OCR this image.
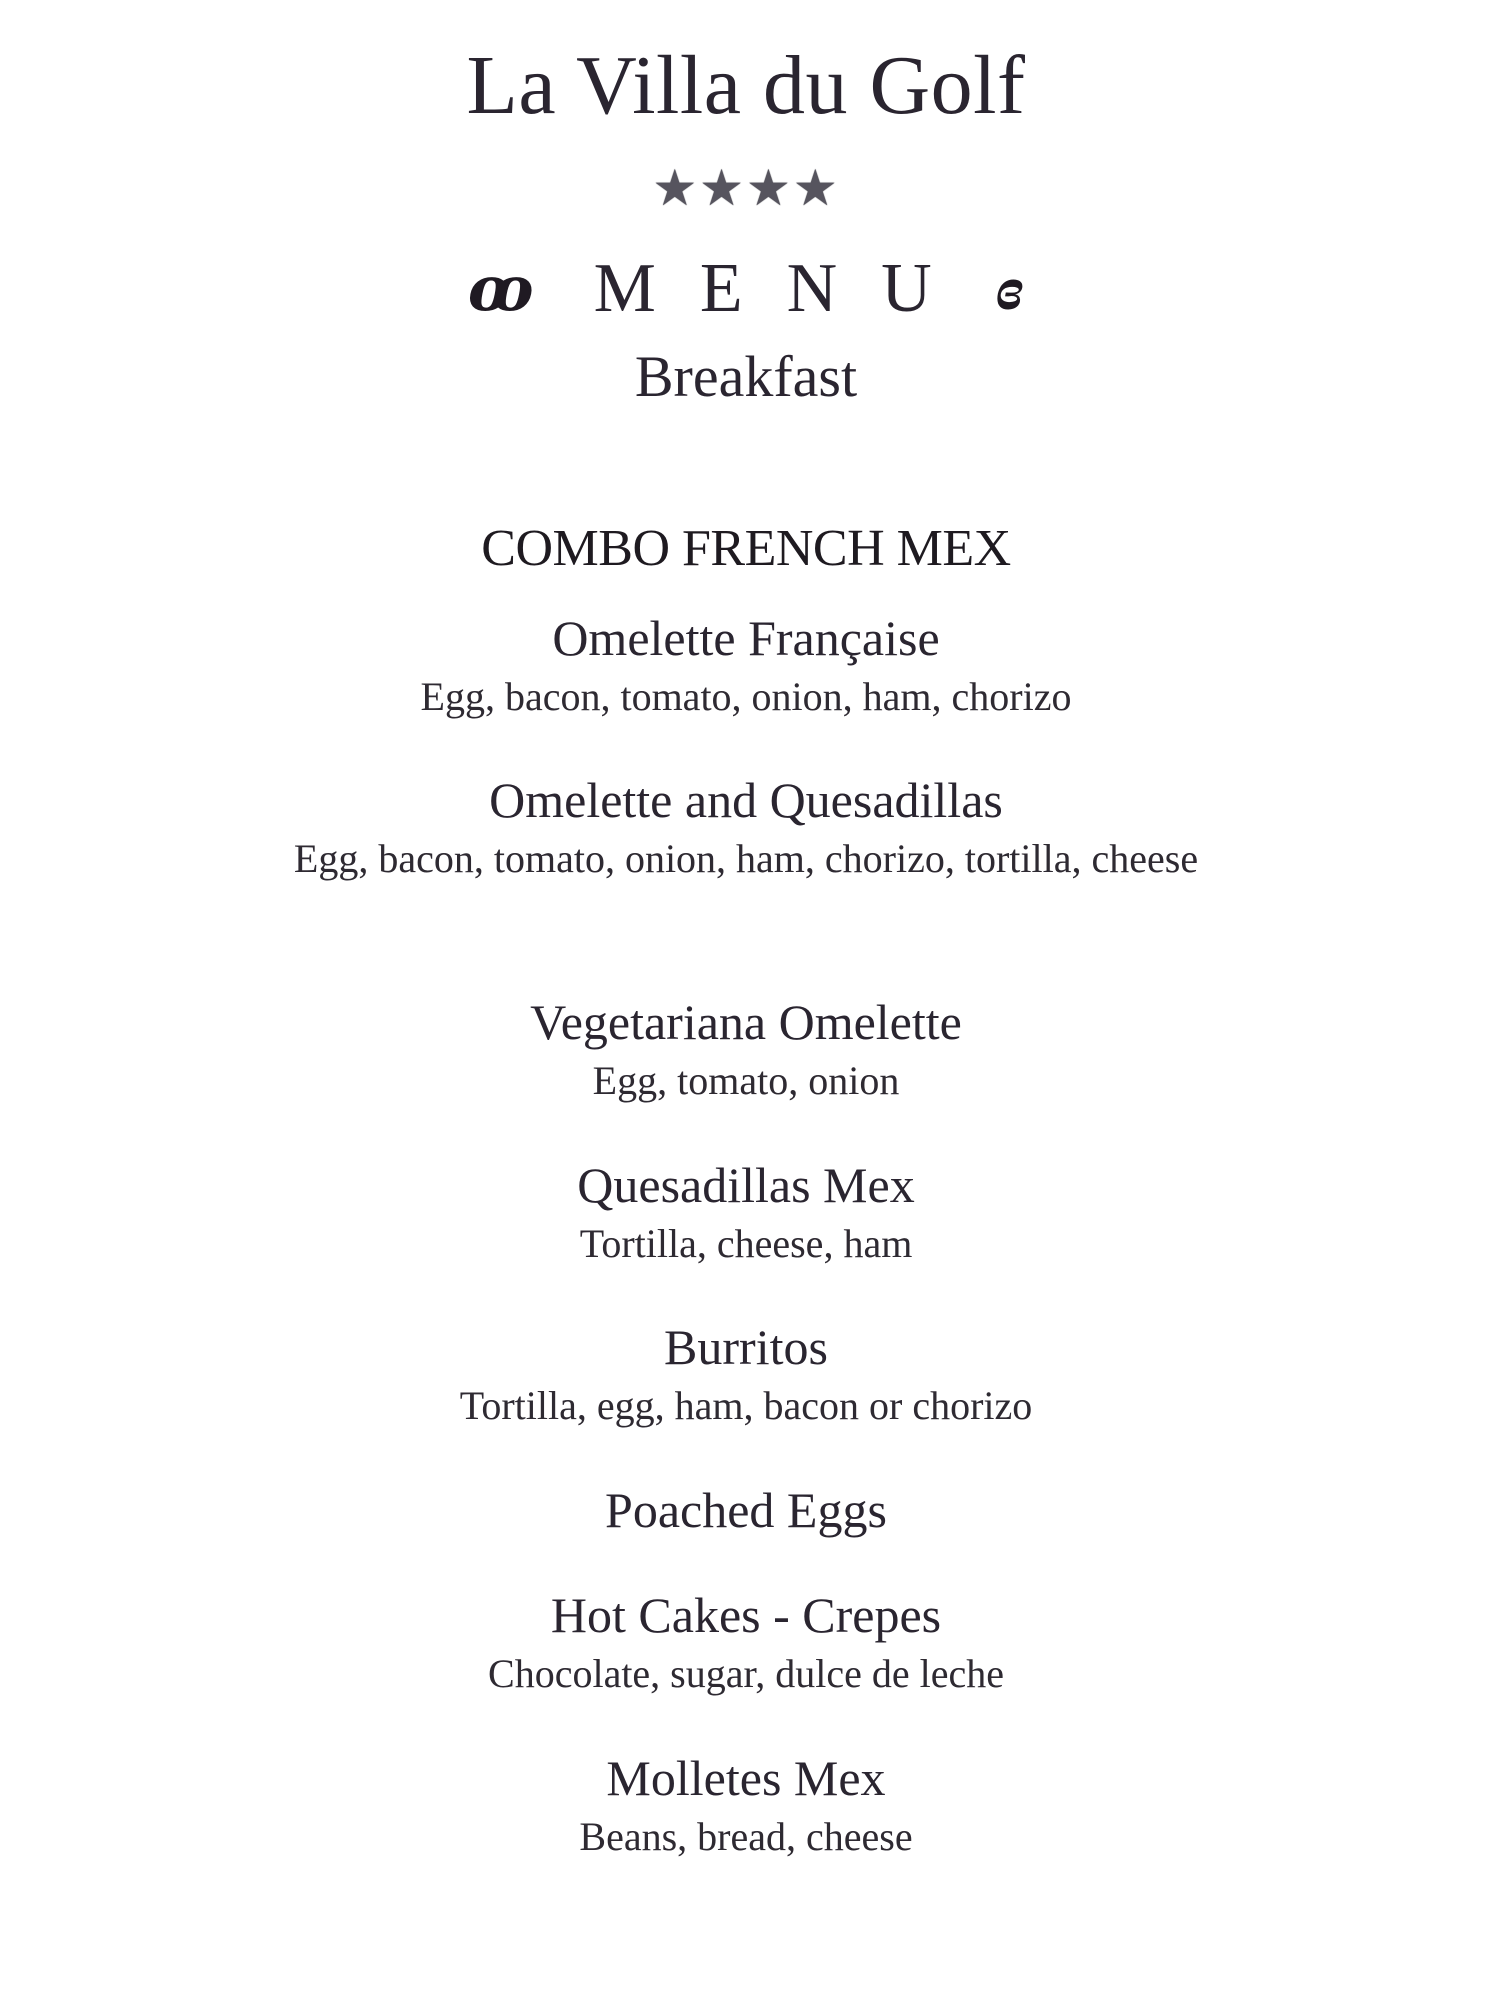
La Villa du Golf
★★★★
ꝏ MENU ɞ
Breakfast
COMBO FRENCH MEX
Omelette Française
Egg, bacon, tomato, onion, ham, chorizo
Omelette and Quesadillas
Egg, bacon, tomato, onion, ham, chorizo, tortilla, cheese
Vegetariana Omelette
Egg, tomato, onion
Quesadillas Mex
Tortilla, cheese, ham
Burritos
Tortilla, egg, ham, bacon or chorizo
Poached Eggs
Hot Cakes - Crepes
Chocolate, sugar, dulce de leche
Molletes Mex
Beans, bread, cheese
